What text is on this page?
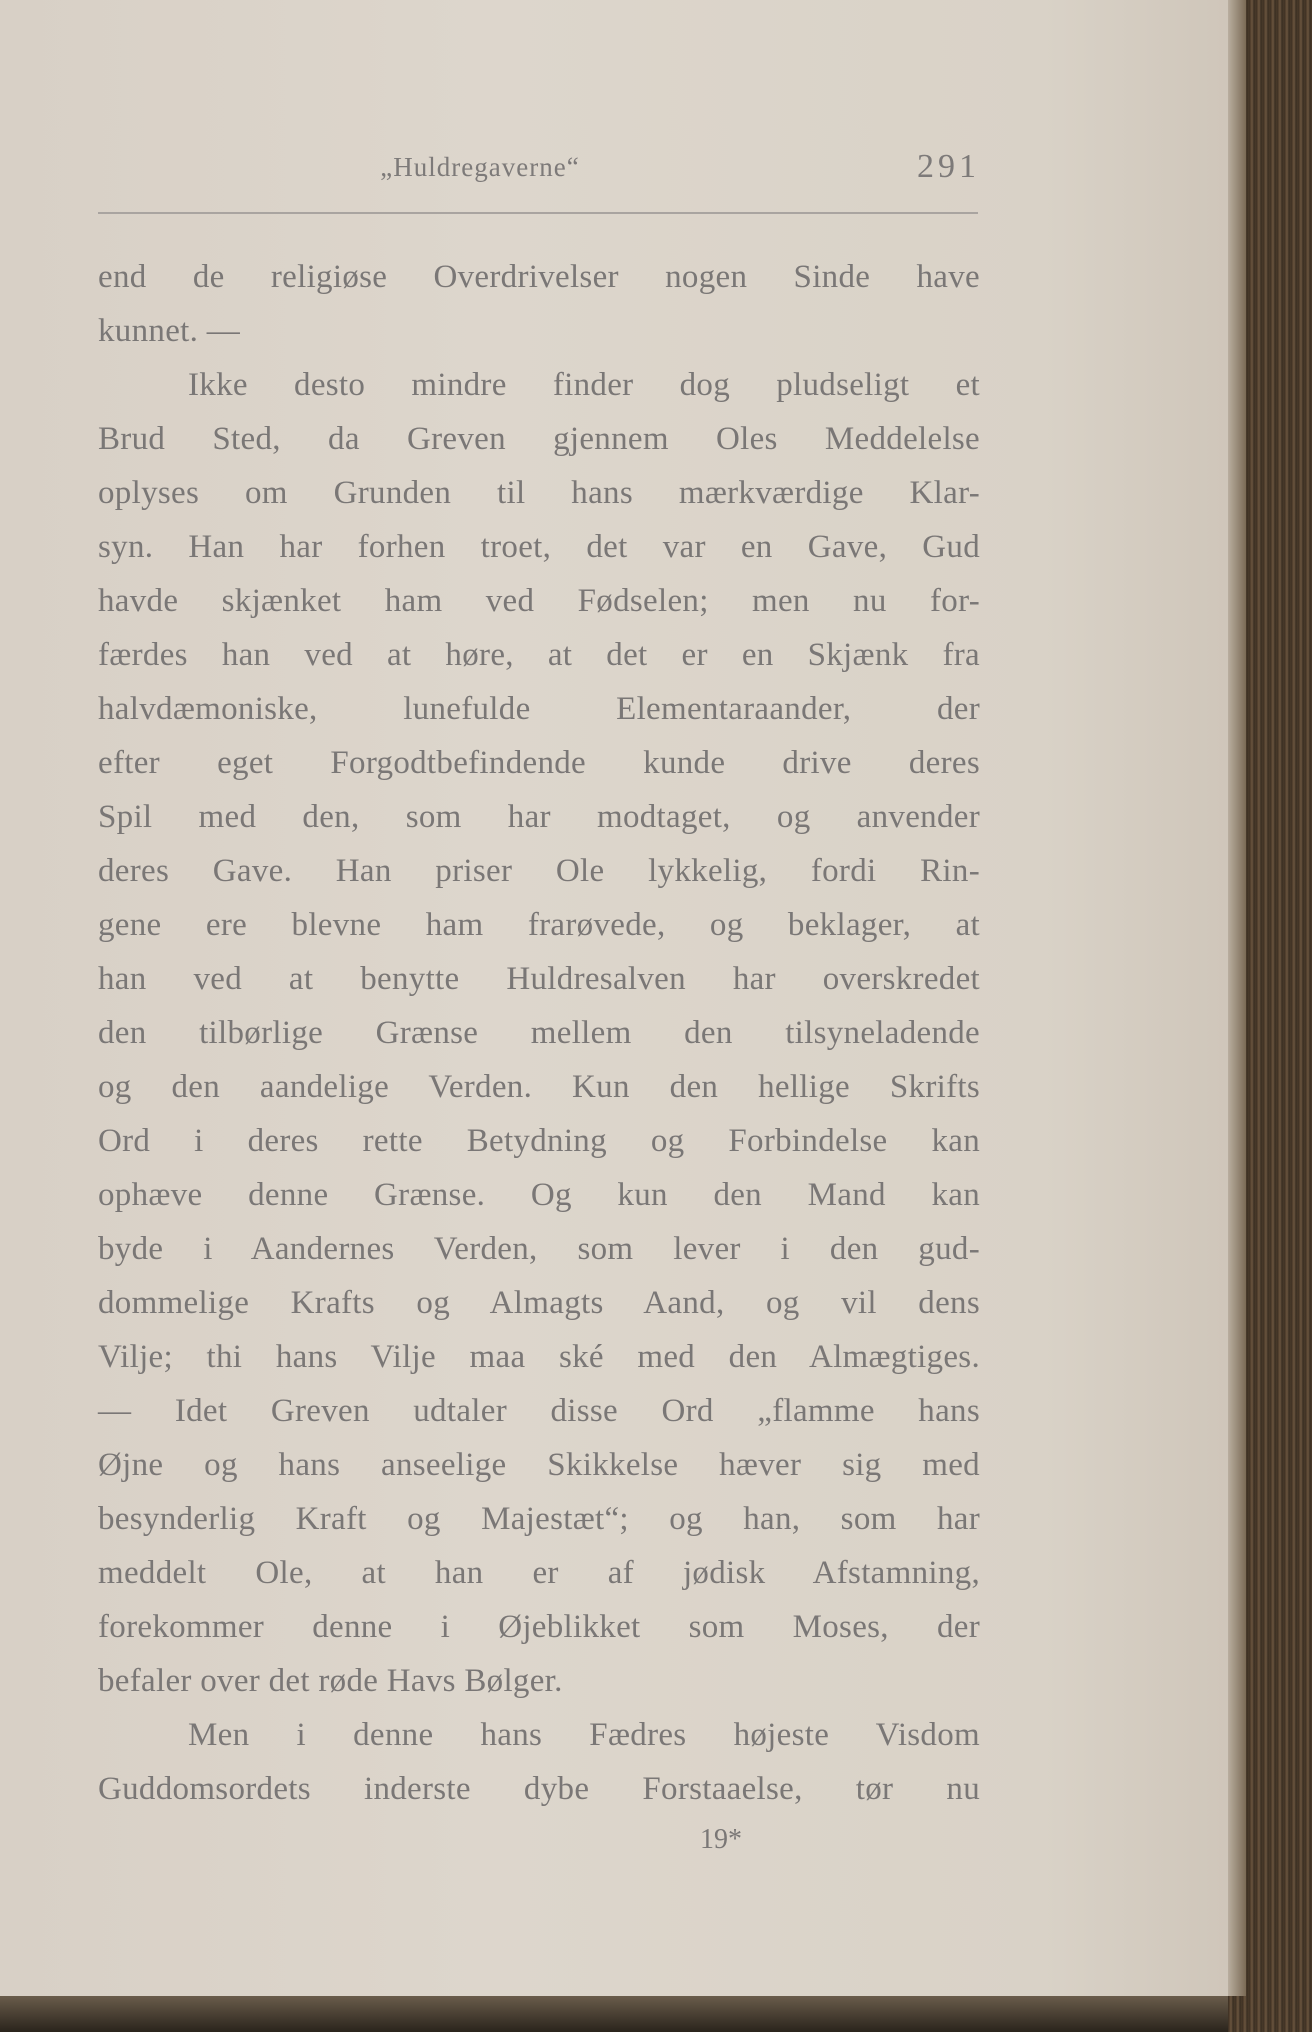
„Huldregaverne“	291
end de religiøse Overdrivelser nogen Sinde have
kunnet. —
Ikke desto mindre finder dog pludseligt et
Brud Sted, da Greven gjennem Oles Meddelelse
oplyses om Grunden til hans mærkværdige Klar-
syn. Han har forhen troet, det var en Gave, Gud
havde skjænket ham ved Fødselen; men nu for-
færdes han ved at høre, at det er en Skjænk fra
halvdæmoniske, lunefulde Elementaraander, der
efter eget Forgodtbefindende kunde drive deres
Spil med den, som har modtaget, og anvender
deres Gave. Han priser Ole lykkelig, fordi Rin-
gene ere blevne ham frarøvede, og beklager, at
han ved at benytte Huldresalven har overskredet
den tilbørlige Grænse mellem den tilsyneladende
og den aandelige Verden. Kun den hellige Skrifts
Ord i deres rette Betydning og Forbindelse kan
ophæve denne Grænse. Og kun den Mand kan
byde i Aandernes Verden, som lever i den gud-
dommelige Krafts og Almagts Aand, og vil dens
Vilje; thi hans Vilje maa ské med den Almægtiges.
— Idet Greven udtaler disse Ord „flamme hans
Øjne og hans anseelige Skikkelse hæver sig med
besynderlig Kraft og Majestæt“; og han, som har
meddelt Ole, at han er af jødisk Afstamning,
forekommer denne i Øjeblikket som Moses, der
befaler over det røde Havs Bølger.
Men i denne hans Fædres højeste Visdom
Guddomsordets inderste dybe Forstaaelse, tør nu
19*
